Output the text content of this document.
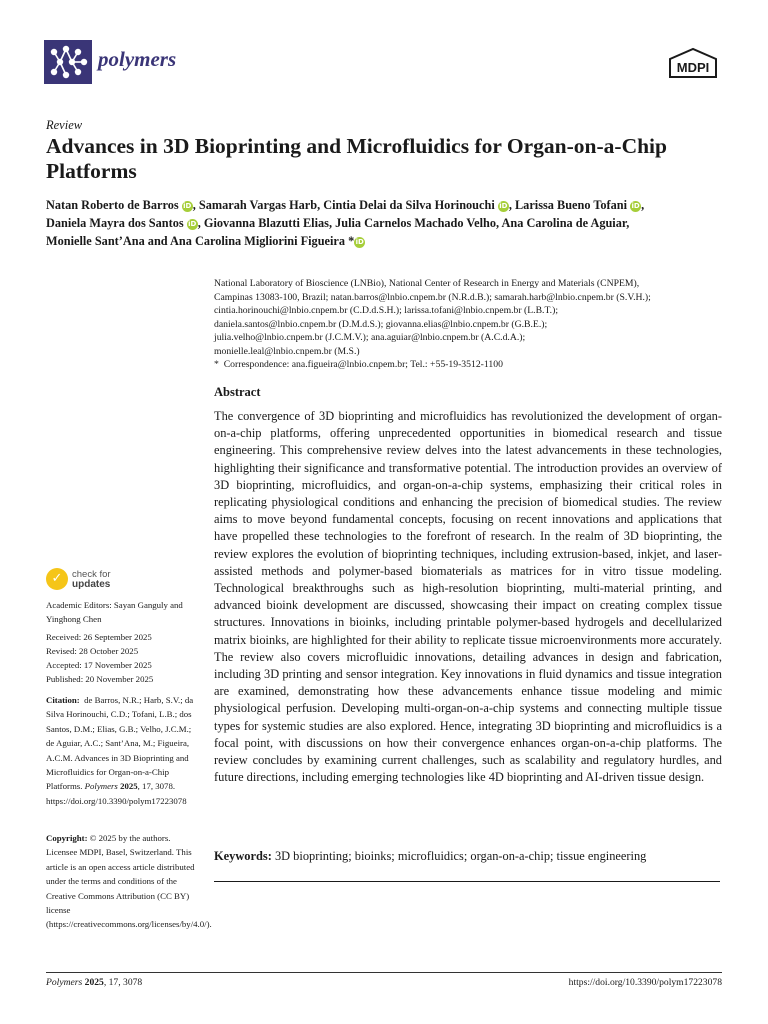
polymers	MDPI
Review
Advances in 3D Bioprinting and Microfluidics for Organ-on-a-Chip Platforms
Natan Roberto de Barros iD, Samarah Vargas Harb, Cintia Delai da Silva Horinouchi iD, Larissa Bueno Tofani iD,
Daniela Mayra dos Santos iD, Giovanna Blazutti Elias, Julia Carnelos Machado Velho, Ana Carolina de Aguiar,
Monielle Sant’Ana and Ana Carolina Migliorini Figueira *iD
National Laboratory of Bioscience (LNBio), National Center of Research in Energy and Materials (CNPEM),
Campinas 13083-100, Brazil; natan.barros@lnbio.cnpem.br (N.R.d.B.); samarah.harb@lnbio.cnpem.br (S.V.H.);
cintia.horinouchi@lnbio.cnpem.br (C.D.d.S.H.); larissa.tofani@lnbio.cnpem.br (L.B.T.);
daniela.santos@lnbio.cnpem.br (D.M.d.S.); giovanna.elias@lnbio.cnpem.br (G.B.E.);
julia.velho@lnbio.cnpem.br (J.C.M.V.); ana.aguiar@lnbio.cnpem.br (A.C.d.A.);
monielle.leal@lnbio.cnpem.br (M.S.)
* Correspondence: ana.figueira@lnbio.cnpem.br; Tel.: +55-19-3512-1100
Abstract
The convergence of 3D bioprinting and microfluidics has revolutionized the development of organ-on-a-chip platforms, offering unprecedented opportunities in biomedical research and tissue engineering. This comprehensive review delves into the latest advancements in these technologies, highlighting their significance and transformative potential. The introduction provides an overview of 3D bioprinting, microfluidics, and organ-on-a-chip systems, emphasizing their critical roles in replicating physiological conditions and enhancing the precision of biomedical studies. The review aims to move beyond fundamental concepts, focusing on recent innovations and applications that have propelled these technologies to the forefront of research. In the realm of 3D bioprinting, the review explores the evolution of bioprinting techniques, including extrusion-based, inkjet, and laser-assisted methods and polymer-based biomaterials as matrices for in vitro tissue modeling. Technological breakthroughs such as high-resolution bioprinting, multi-material printing, and advanced bioink development are discussed, showcasing their impact on creating complex tissue structures. Innovations in bioinks, including printable polymer-based hydrogels and decellularized matrix bioinks, are highlighted for their ability to replicate tissue microenvironments more accurately. The review also covers microfluidic innovations, detailing advances in design and fabrication, including 3D printing and sensor integration. Key innovations in fluid dynamics and tissue integration are examined, demonstrating how these advancements enhance tissue modeling and mimic physiological perfusion. Developing multi-organ-on-a-chip systems and connecting multiple tissue types for systemic studies are also explored. Hence, integrating 3D bioprinting and microfluidics is a focal point, with discussions on how their convergence enhances organ-on-a-chip platforms. The review concludes by examining current challenges, such as scalability and regulatory hurdles, and future directions, including emerging technologies like 4D bioprinting and AI-driven tissue design.
Keywords: 3D bioprinting; bioinks; microfluidics; organ-on-a-chip; tissue engineering
✓	check for
updates
Academic Editors: Sayan Ganguly and Yinghong Chen
Received: 26 September 2025
Revised: 28 October 2025
Accepted: 17 November 2025
Published: 20 November 2025
Citation: de Barros, N.R.; Harb, S.V.; da Silva Horinouchi, C.D.; Tofani, L.B.; dos Santos, D.M.; Elias, G.B.; Velho, J.C.M.; de Aguiar, A.C.; Sant’Ana, M.; Figueira, A.C.M. Advances in 3D Bioprinting and Microfluidics for Organ-on-a-Chip Platforms. Polymers 2025, 17, 3078. https://doi.org/10.3390/polym17223078
Copyright: © 2025 by the authors. Licensee MDPI, Basel, Switzerland. This article is an open access article distributed under the terms and conditions of the Creative Commons Attribution (CC BY) license (https://creativecommons.org/licenses/by/4.0/).
Polymers 2025, 17, 3078	https://doi.org/10.3390/polym17223078
